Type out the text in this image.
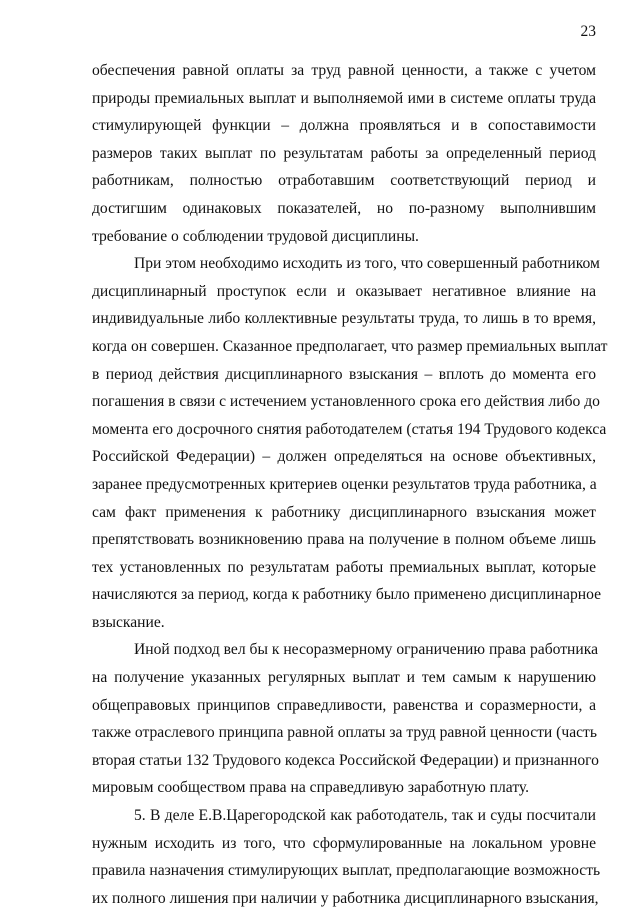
23
обеспечения равной оплаты за труд равной ценности, а также с учетом
природы премиальных выплат и выполняемой ими в системе оплаты труда
стимулирующей функции – должна проявляться и в сопоставимости
размеров таких выплат по результатам работы за определенный период
работникам, полностью отработавшим соответствующий период и
достигшим одинаковых показателей, но по-разному выполнившим
требование о соблюдении трудовой дисциплины.
При этом необходимо исходить из того, что совершенный работником
дисциплинарный проступок если и оказывает негативное влияние на
индивидуальные либо коллективные результаты труда, то лишь в то время,
когда он совершен. Сказанное предполагает, что размер премиальных выплат
в период действия дисциплинарного взыскания – вплоть до момента его
погашения в связи с истечением установленного срока его действия либо до
момента его досрочного снятия работодателем (статья 194 Трудового кодекса
Российской Федерации) – должен определяться на основе объективных,
заранее предусмотренных критериев оценки результатов труда работника, а
сам факт применения к работнику дисциплинарного взыскания может
препятствовать возникновению права на получение в полном объеме лишь
тех установленных по результатам работы премиальных выплат, которые
начисляются за период, когда к работнику было применено дисциплинарное
взыскание.
Иной подход вел бы к несоразмерному ограничению права работника
на получение указанных регулярных выплат и тем самым к нарушению
общеправовых принципов справедливости, равенства и соразмерности, а
также отраслевого принципа равной оплаты за труд равной ценности (часть
вторая статьи 132 Трудового кодекса Российской Федерации) и признанного
мировым сообществом права на справедливую заработную плату.
5. В деле Е.В.Царегородской как работодатель, так и суды посчитали
нужным исходить из того, что сформулированные на локальном уровне
правила назначения стимулирующих выплат, предполагающие возможность
их полного лишения при наличии у работника дисциплинарного взыскания,
